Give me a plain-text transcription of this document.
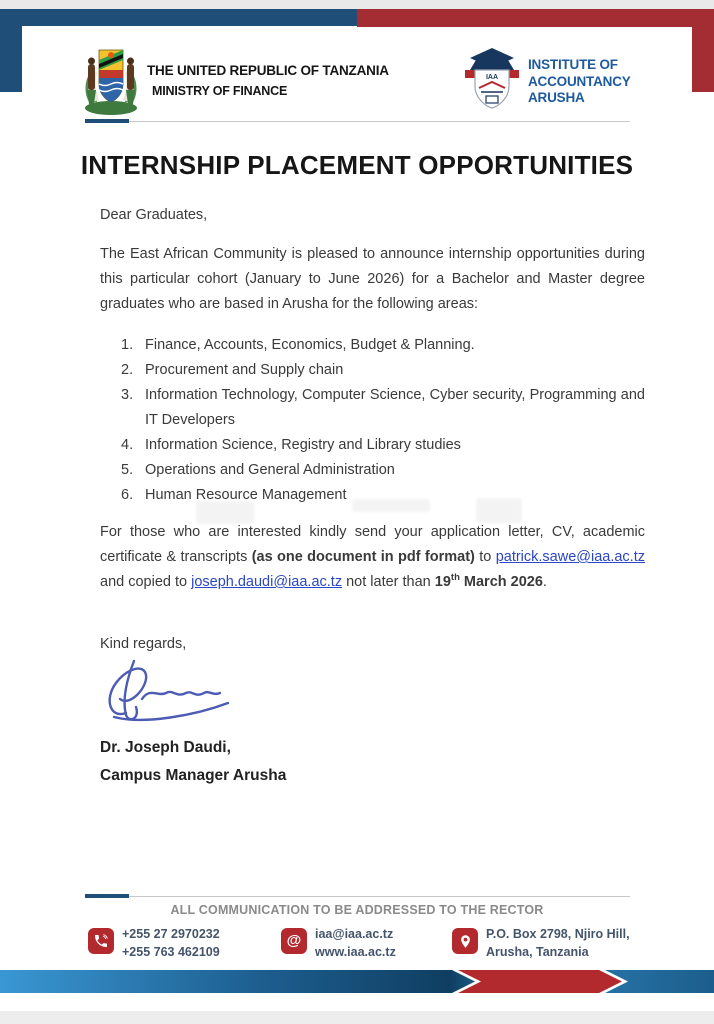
THE UNITED REPUBLIC OF TANZANIA
MINISTRY OF FINANCE
IAA
INSTITUTE OF
ACCOUNTANCY
ARUSHA
INTERNSHIP PLACEMENT OPPORTUNITIES
Dear Graduates,

The East African Community is pleased to announce internship opportunities during this particular cohort (January to June 2026) for a Bachelor and Master degree graduates who are based in Arusha for the following areas:

1. Finance, Accounts, Economics, Budget & Planning.
2. Procurement and Supply chain
3. Information Technology, Computer Science, Cyber security, Programming and IT Developers
4. Information Science, Registry and Library studies
5. Operations and General Administration
6. Human Resource Management

For those who are interested kindly send your application letter, CV, academic certificate & transcripts (as one document in pdf format) to patrick.sawe@iaa.ac.tz and copied to joseph.daudi@iaa.ac.tz not later than 19th March 2026.

Kind regards,
Dr. Joseph Daudi,
Campus Manager Arusha
ALL COMMUNICATION TO BE ADDRESSED TO THE RECTOR
+255 27 2970232
+255 763 462109
@ iaa@iaa.ac.tz
www.iaa.ac.tz
P.O. Box 2798, Njiro Hill,
Arusha, Tanzania
